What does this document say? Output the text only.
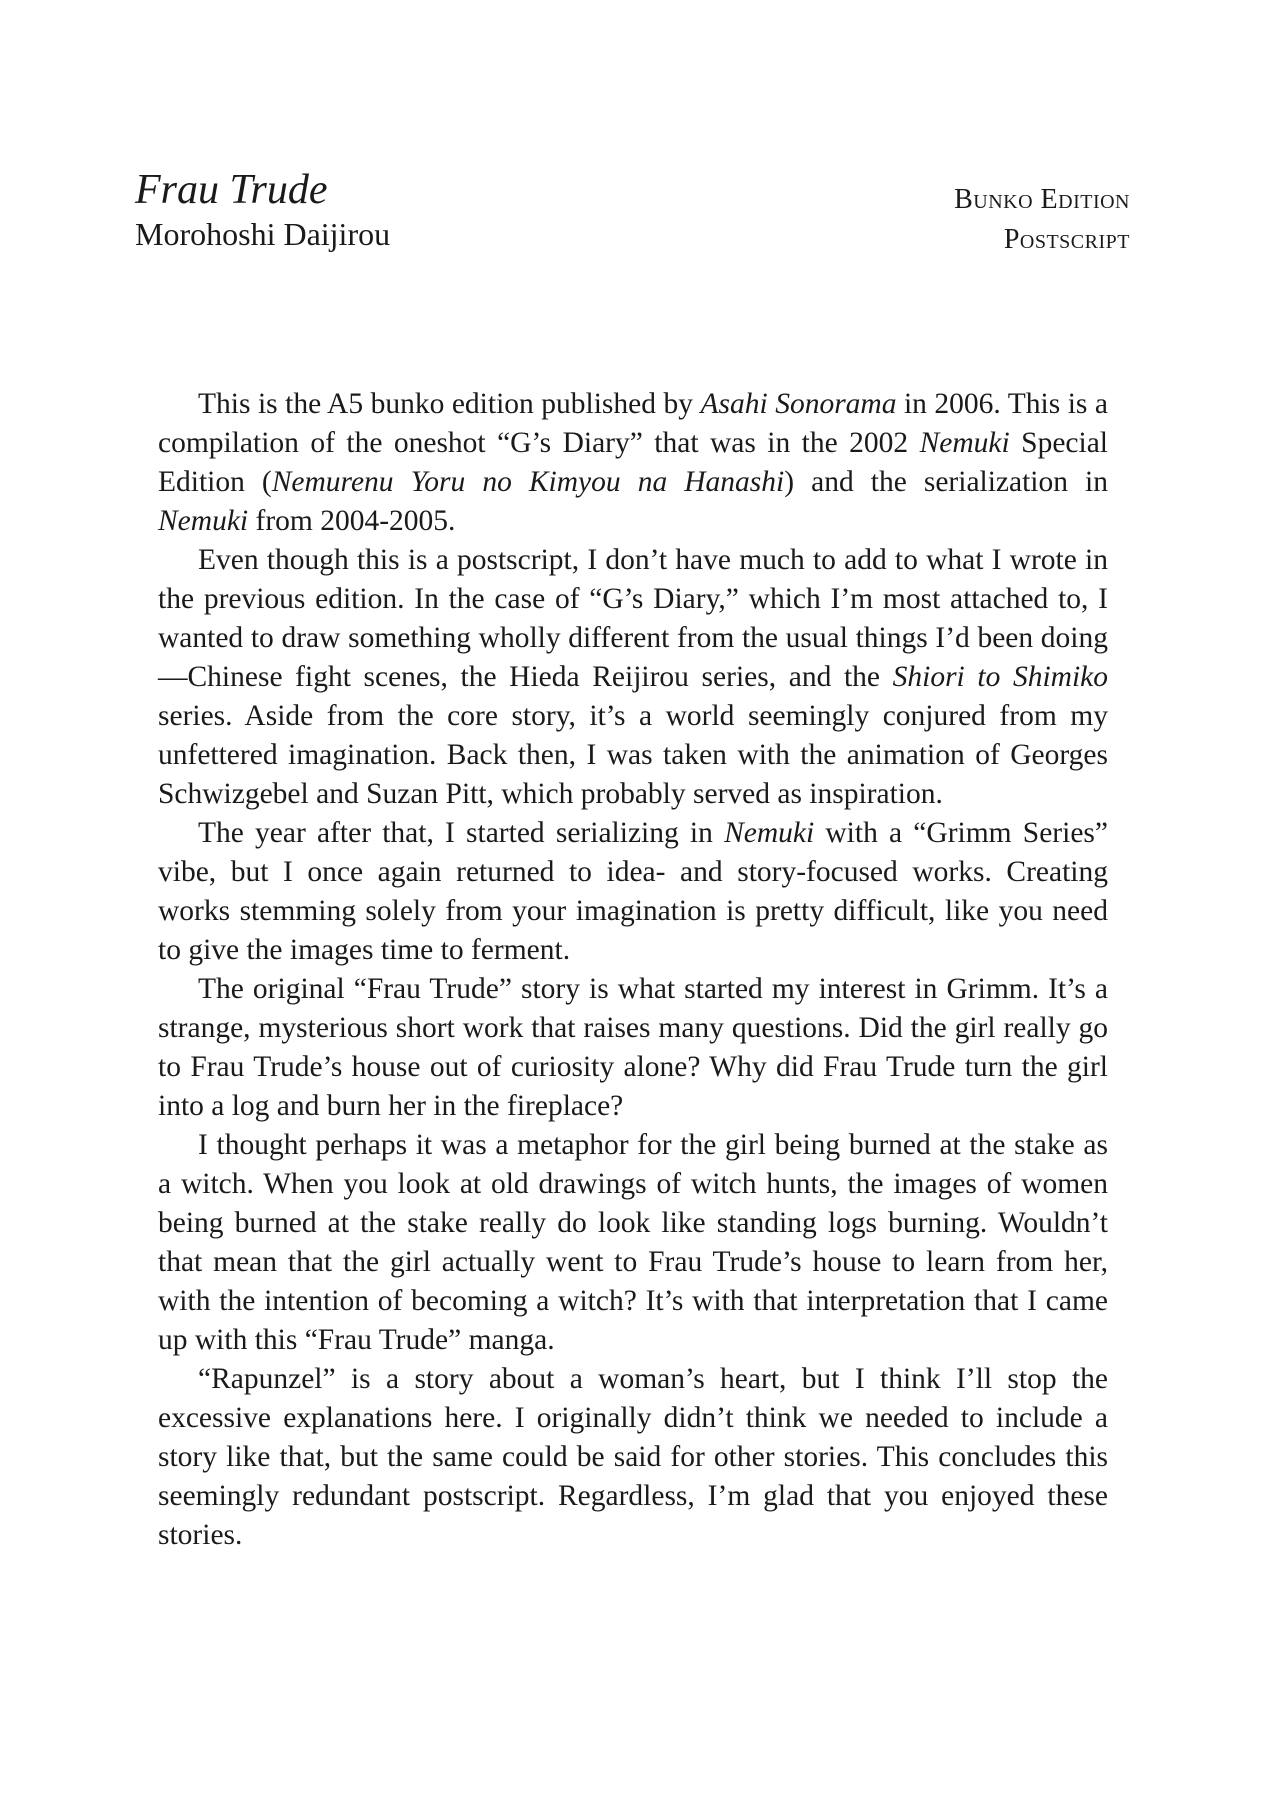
Frau Trude
Morohoshi Daijirou
Bunko Edition
Postscript

This is the A5 bunko edition published by Asahi Sonorama in 2006. This is a compilation of the oneshot “G’s Diary” that was in the 2002 Nemuki Special Edition (Nemurenu Yoru no Kimyou na Hanashi) and the serialization in Nemuki from 2004-2005.

Even though this is a postscript, I don’t have much to add to what I wrote in the previous edition. In the case of “G’s Diary,” which I’m most attached to, I wanted to draw something wholly different from the usual things I’d been doing—Chinese fight scenes, the Hieda Reijirou series, and the Shiori to Shimiko series. Aside from the core story, it’s a world seemingly conjured from my unfettered imagination. Back then, I was taken with the animation of Georges Schwizgebel and Suzan Pitt, which probably served as inspiration.

The year after that, I started serializing in Nemuki with a “Grimm Series” vibe, but I once again returned to idea- and story-focused works. Creating works stemming solely from your imagination is pretty difficult, like you need to give the images time to ferment.

The original “Frau Trude” story is what started my interest in Grimm. It’s a strange, mysterious short work that raises many questions. Did the girl really go to Frau Trude’s house out of curiosity alone? Why did Frau Trude turn the girl into a log and burn her in the fireplace?

I thought perhaps it was a metaphor for the girl being burned at the stake as a witch. When you look at old drawings of witch hunts, the images of women being burned at the stake really do look like standing logs burning. Wouldn’t that mean that the girl actually went to Frau Trude’s house to learn from her, with the intention of becoming a witch? It’s with that interpretation that I came up with this “Frau Trude” manga.

“Rapunzel” is a story about a woman’s heart, but I think I’ll stop the excessive explanations here. I originally didn’t think we needed to include a story like that, but the same could be said for other stories. This concludes this seemingly redundant postscript. Regardless, I’m glad that you enjoyed these stories.
